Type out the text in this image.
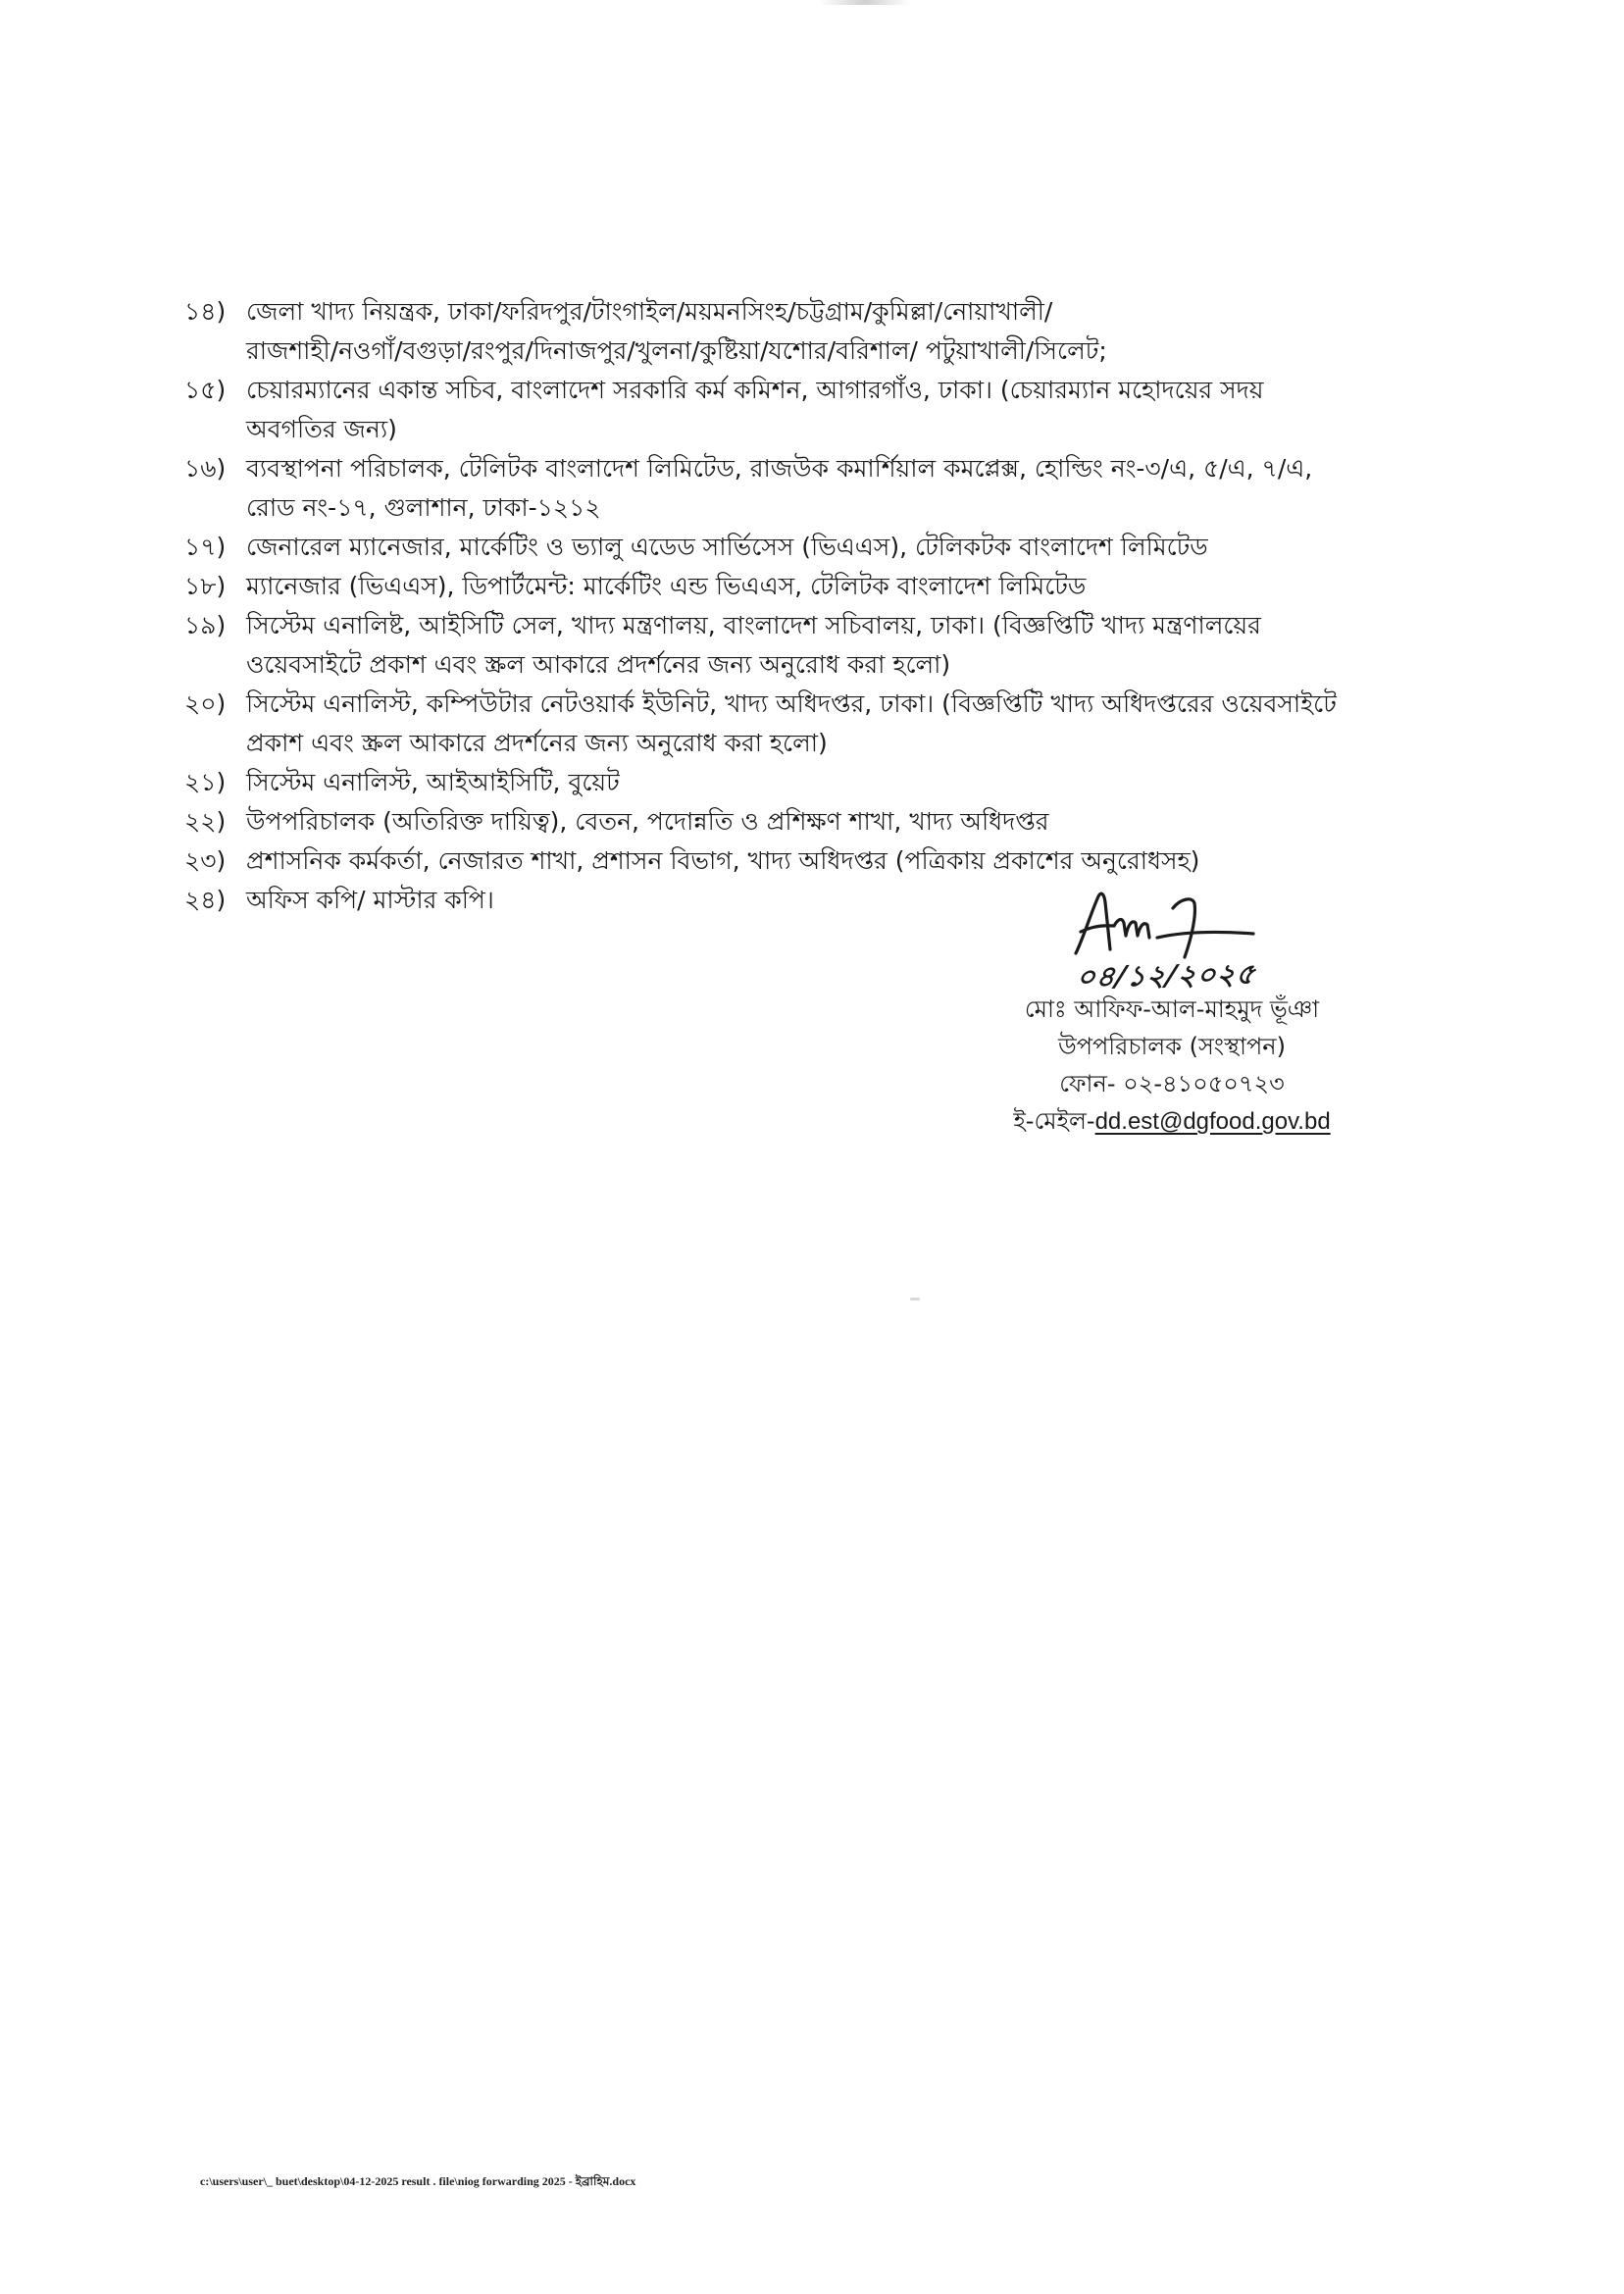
১৪) জেলা খাদ্য নিয়ন্ত্রক, ঢাকা/ফরিদপুর/টাংগাইল/ময়মনসিংহ/চট্টগ্রাম/কুমিল্লা/নোয়াখালী/
রাজশাহী/নওগাঁ/বগুড়া/রংপুর/দিনাজপুর/খুলনা/কুষ্টিয়া/যশোর/বরিশাল/ পটুয়াখালী/সিলেট;
১৫) চেয়ারম্যানের একান্ত সচিব, বাংলাদেশ সরকারি কর্ম কমিশন, আগারগাঁও, ঢাকা। (চেয়ারম্যান মহোদয়ের সদয়
অবগতির জন্য)
১৬) ব্যবস্থাপনা পরিচালক, টেলিটক বাংলাদেশ লিমিটেড, রাজউক কমার্শিয়াল কমপ্লেক্স, হোল্ডিং নং-৩/এ, ৫/এ, ৭/এ,
রোড নং-১৭, গুলাশান, ঢাকা-১২১২
১৭) জেনারেল ম্যানেজার, মার্কেটিং ও ভ্যালু এডেড সার্ভিসেস (ভিএএস), টেলিকটক বাংলাদেশ লিমিটেড
১৮) ম্যানেজার (ভিএএস), ডিপার্টমেন্ট: মার্কেটিং এন্ড ভিএএস, টেলিটক বাংলাদেশ লিমিটেড
১৯) সিস্টেম এনালিষ্ট, আইসিটি সেল, খাদ্য মন্ত্রণালয়, বাংলাদেশ সচিবালয়, ঢাকা। (বিজ্ঞপ্তিটি খাদ্য মন্ত্রণালয়ের
ওয়েবসাইটে প্রকাশ এবং স্ক্রল আকারে প্রদর্শনের জন্য অনুরোধ করা হলো)
২০) সিস্টেম এনালিস্ট, কম্পিউটার নেটওয়ার্ক ইউনিট, খাদ্য অধিদপ্তর, ঢাকা। (বিজ্ঞপ্তিটি খাদ্য অধিদপ্তরের ওয়েবসাইটে
প্রকাশ এবং স্ক্রল আকারে প্রদর্শনের জন্য অনুরোধ করা হলো)
২১) সিস্টেম এনালিস্ট, আইআইসিটি, বুয়েট
২২) উপপরিচালক (অতিরিক্ত দায়িত্ব), বেতন, পদোন্নতি ও প্রশিক্ষণ শাখা, খাদ্য অধিদপ্তর
২৩) প্রশাসনিক কর্মকর্তা, নেজারত শাখা, প্রশাসন বিভাগ, খাদ্য অধিদপ্তর (পত্রিকায় প্রকাশের অনুরোধসহ)
২৪) অফিস কপি/ মাস্টার কপি।
০৪/১২/২০২৫
মোঃ আফিফ-আল-মাহমুদ ভূঁঞা
উপপরিচালক (সংস্থাপন)
ফোন- ০২-৪১০৫০৭২৩
ই-মেইল-dd.est@dgfood.gov.bd
c:\users\user\_ buet\desktop\04-12-2025 result . file\niog forwarding 2025 - ইব্রাহিম.docx
